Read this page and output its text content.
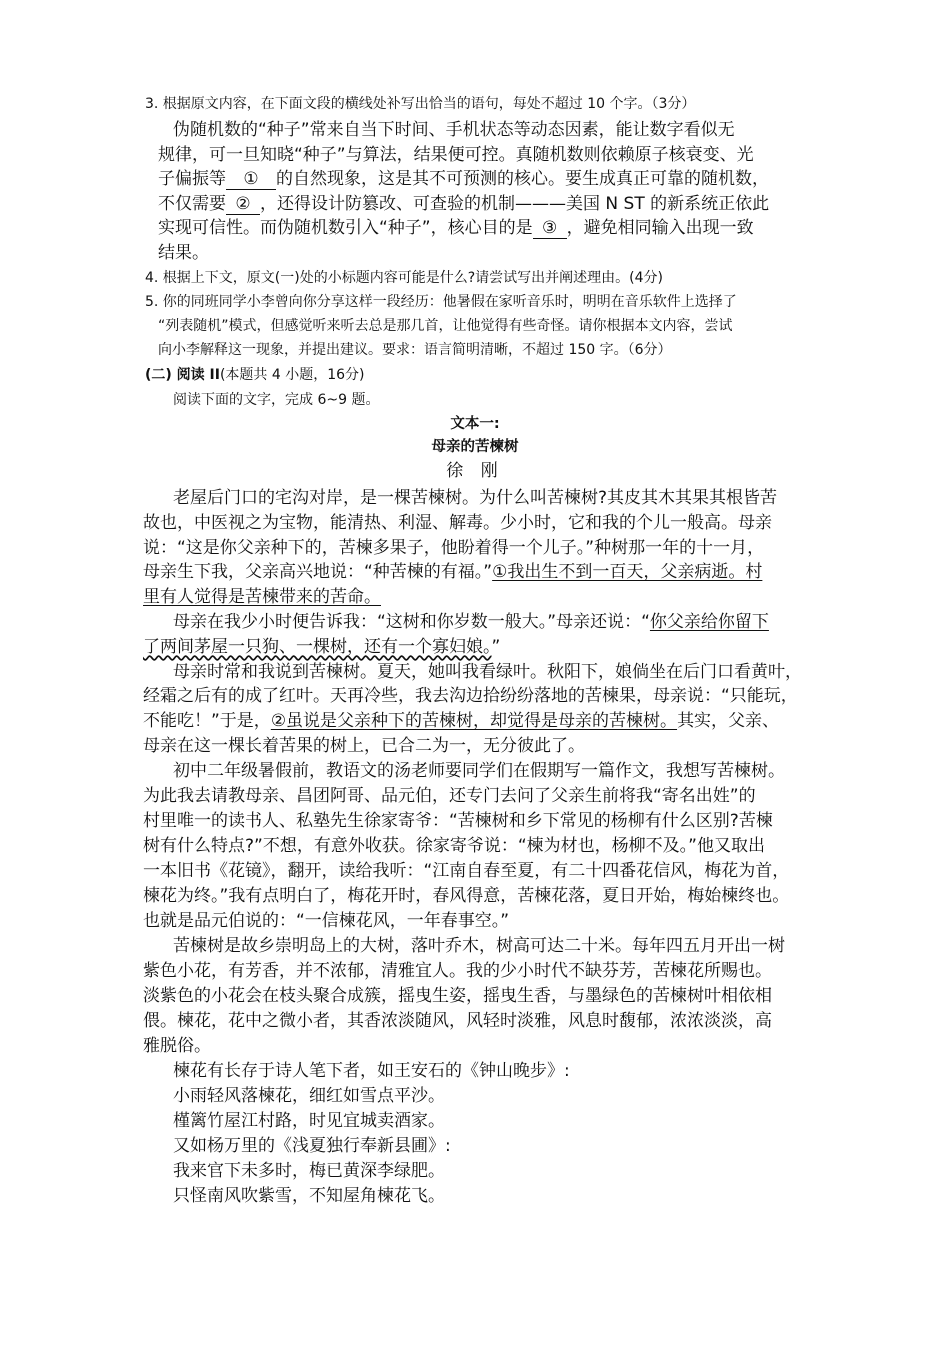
3. 根据原文内容，在下面文段的横线处补写出恰当的语句，每处不超过 10 个字。（3分）

伪随机数的“种子”常来自当下时间、手机状态等动态因素，能让数字看似无

规律，可一旦知晓“种子”与算法，结果便可控。真随机数则依赖原子核衰变、光

子偏振等 ① 的自然现象，这是其不可预测的核心。要生成真正可靠的随机数，

不仅需要 ② ，还得设计防篡改、可查验的机制———美国 N ST 的新系统正依此

实现可信性。而伪随机数引入“种子”，核心目的是 ③ ，避免相同输入出现一致

结果。

4. 根据上下文，原文(一)处的小标题内容可能是什么?请尝试写出并阐述理由。(4分)

5. 你的同班同学小李曾向你分享这样一段经历：他暑假在家听音乐时，明明在音乐软件上选择了

“列表随机”模式，但感觉听来听去总是那几首，让他觉得有些奇怪。请你根据本文内容，尝试

向小李解释这一现象，并提出建议。要求：语言简明清晰，不超过 150 字。（6分）

(二) 阅读 II(本题共 4 小题，16分)

阅读下面的文字，完成 6~9 题。

文本一:

母亲的苦楝树

徐 刚

老屋后门口的宅沟对岸，是一棵苦楝树。为什么叫苦楝树?其皮其木其果其根皆苦

故也，中医视之为宝物，能清热、利湿、解毒。少小时，它和我的个儿一般高。母亲

说：“这是你父亲种下的，苦楝多果子，他盼着得一个儿子。”种树那一年的十一月，

母亲生下我，父亲高兴地说：“种苦楝的有福。”①我出生不到一百天，父亲病逝。村

里有人觉得是苦楝带来的苦命。

母亲在我少小时便告诉我：“这树和你岁数一般大。”母亲还说：“你父亲给你留下

了两间茅屋一只狗、一棵树，还有一个寡妇娘。”

母亲时常和我说到苦楝树。夏天，她叫我看绿叶。秋阳下，娘倘坐在后门口看黄叶，

经霜之后有的成了红叶。天再冷些，我去沟边拾纷纷落地的苦楝果，母亲说：“只能玩，

不能吃！”于是，②虽说是父亲种下的苦楝树，却觉得是母亲的苦楝树。其实，父亲、

母亲在这一棵长着苦果的树上，已合二为一，无分彼此了。

初中二年级暑假前，教语文的汤老师要同学们在假期写一篇作文，我想写苦楝树。

为此我去请教母亲、昌团阿哥、品元伯，还专门去问了父亲生前将我“寄名出姓”的

村里唯一的读书人、私塾先生徐家寄爷：“苦楝树和乡下常见的杨柳有什么区别?苦楝

树有什么特点?”不想，有意外收获。徐家寄爷说：“楝为材也，杨柳不及。”他又取出

一本旧书《花镜》，翻开，读给我听：“江南自春至夏，有二十四番花信风，梅花为首，

楝花为终。”我有点明白了，梅花开时，春风得意，苦楝花落，夏日开始，梅始楝终也。

也就是品元伯说的：“一信楝花风，一年春事空。”

苦楝树是故乡崇明岛上的大树，落叶乔木，树高可达二十米。每年四五月开出一树

紫色小花，有芳香，并不浓郁，清雅宜人。我的少小时代不缺芬芳，苦楝花所赐也。

淡紫色的小花会在枝头聚合成簇，摇曳生姿，摇曳生香，与墨绿色的苦楝树叶相依相

偎。楝花，花中之微小者，其香浓淡随风，风轻时淡雅，风息时馥郁，浓浓淡淡，高

雅脱俗。

楝花有长存于诗人笔下者，如王安石的《钟山晚步》:

小雨轻风落楝花，细红如雪点平沙。

槿篱竹屋江村路，时见宜城卖酒家。

又如杨万里的《浅夏独行奉新县圃》:

我来官下未多时，梅已黄深李绿肥。

只怪南风吹紫雪，不知屋角楝花飞。
